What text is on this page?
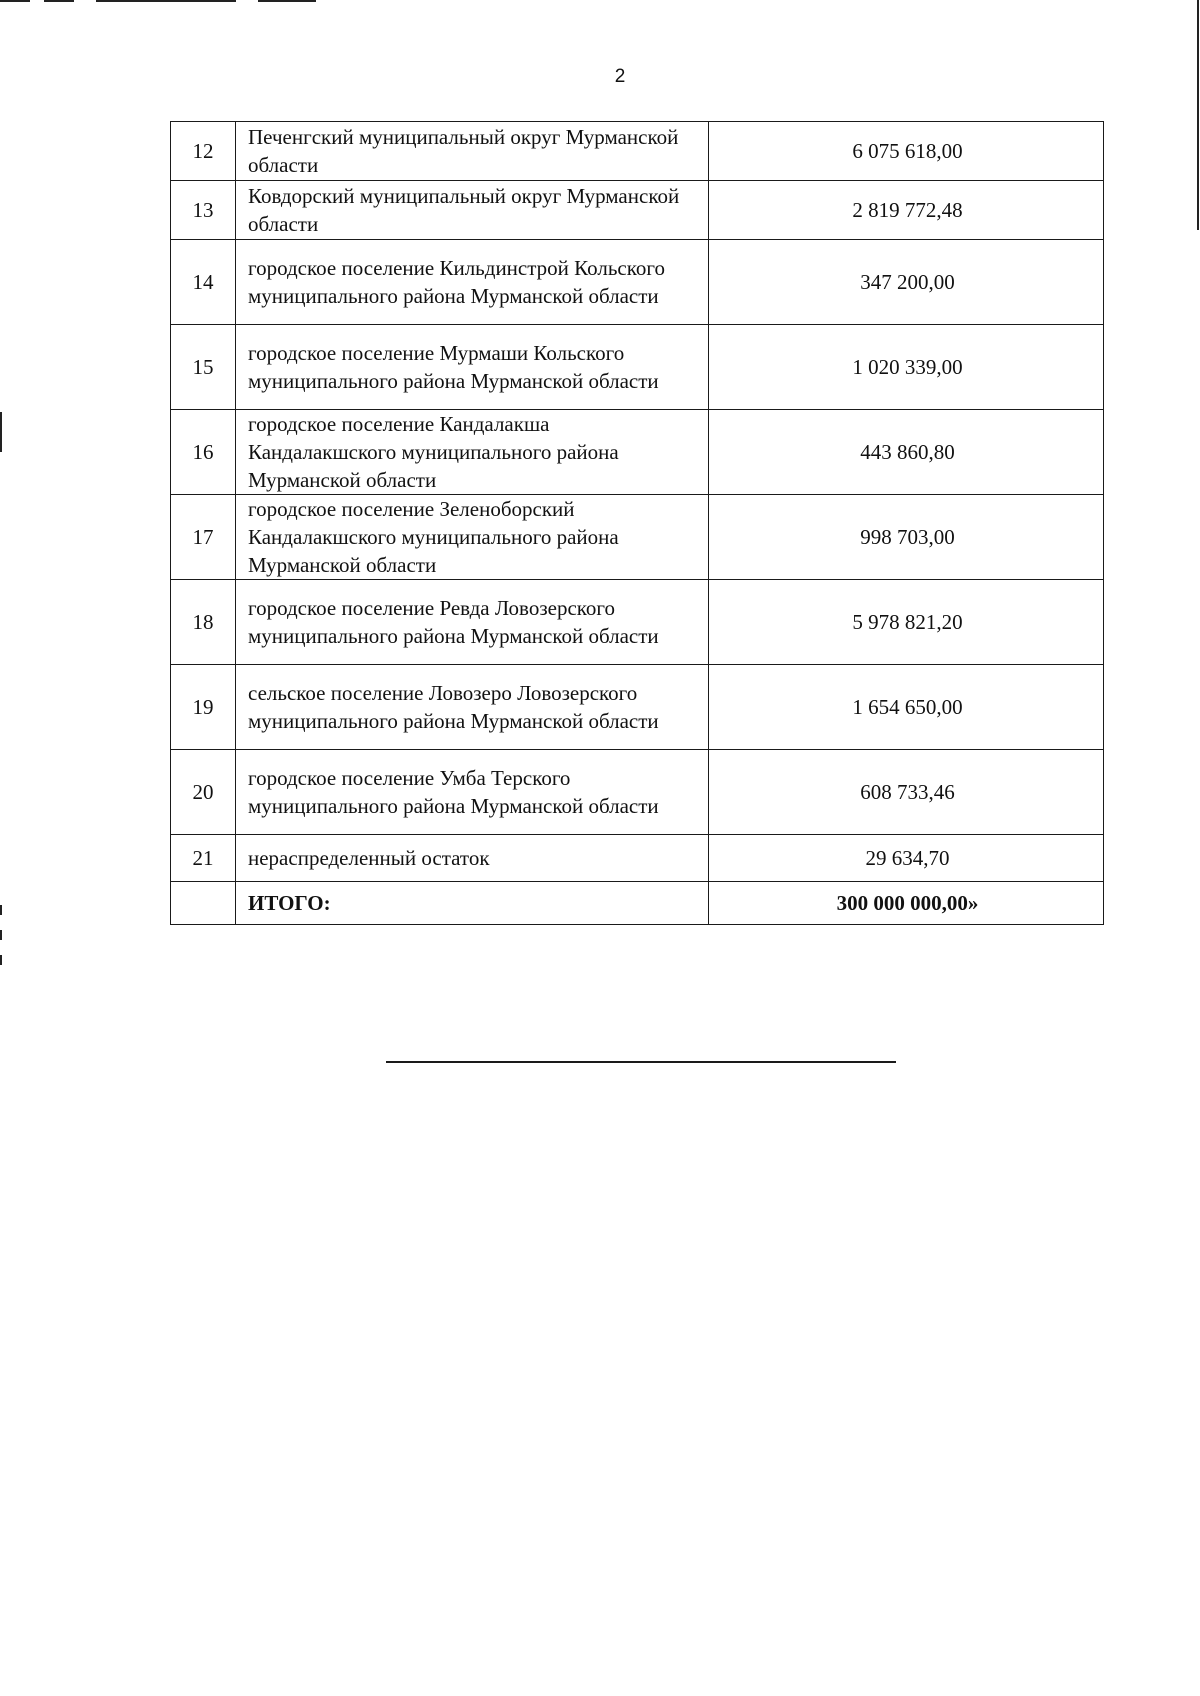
2
12	Печенгский муниципальный округ Мурманской области	6 075 618,00
13	Ковдорский муниципальный округ Мурманской области	2 819 772,48
14	городское поселение Кильдинстрой Кольского муниципального района Мурманской области	347 200,00
15	городское поселение Мурмаши Кольского муниципального района Мурманской области	1 020 339,00
16	городское поселение Кандалакша Кандалакшского муниципального района Мурманской области	443 860,80
17	городское поселение Зеленоборский Кандалакшского муниципального района Мурманской области	998 703,00
18	городское поселение Ревда Ловозерского муниципального района Мурманской области	5 978 821,20
19	сельское поселение Ловозеро Ловозерского муниципального района Мурманской области	1 654 650,00
20	городское поселение Умба Терского муниципального района Мурманской области	608 733,46
21	нераспределенный остаток	29 634,70
	ИТОГО:	300 000 000,00»
